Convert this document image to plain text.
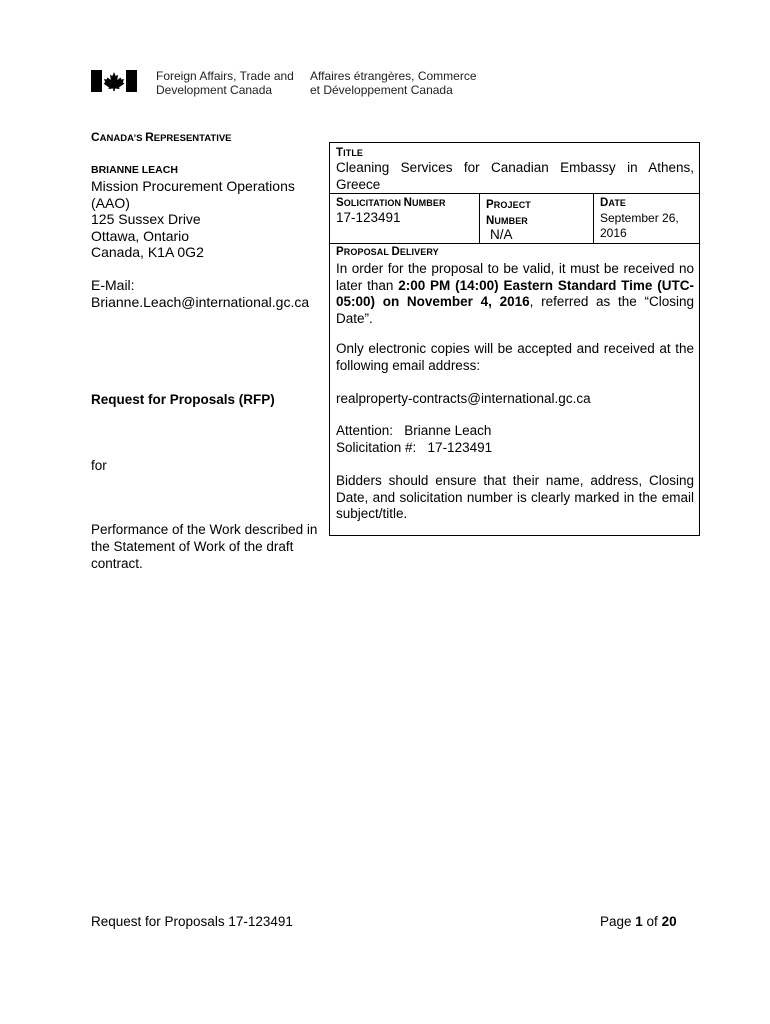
Foreign Affairs, Trade and
Development Canada
Affaires étrangères, Commerce
et Développement Canada
CANADA’S REPRESENTATIVE
BRIANNE LEACH
Mission Procurement Operations
(AAO)
125 Sussex Drive
Ottawa, Ontario
Canada, K1A 0G2
E-Mail:
Brianne.Leach@international.gc.ca
Request for Proposals (RFP)
for
Performance of the Work described in the Statement of Work of the draft contract.
TITLE
Cleaning Services for Canadian Embassy in Athens, Greece
SOLICITATION NUMBER
17-123491
PROJECT
NUMBER
N/A
DATE
September 26,
2016
PROPOSAL DELIVERY
In order for the proposal to be valid, it must be received no later than 2:00 PM (14:00) Eastern Standard Time (UTC-05:00) on November 4, 2016, referred as the “Closing Date”.
Only electronic copies will be accepted and received at the following email address:
realproperty-contracts@international.gc.ca
Attention:   Brianne Leach
Solicitation #:   17-123491
Bidders should ensure that their name, address, Closing Date, and solicitation number is clearly marked in the email subject/title.
Request for Proposals 17-123491	Page 1 of 20
